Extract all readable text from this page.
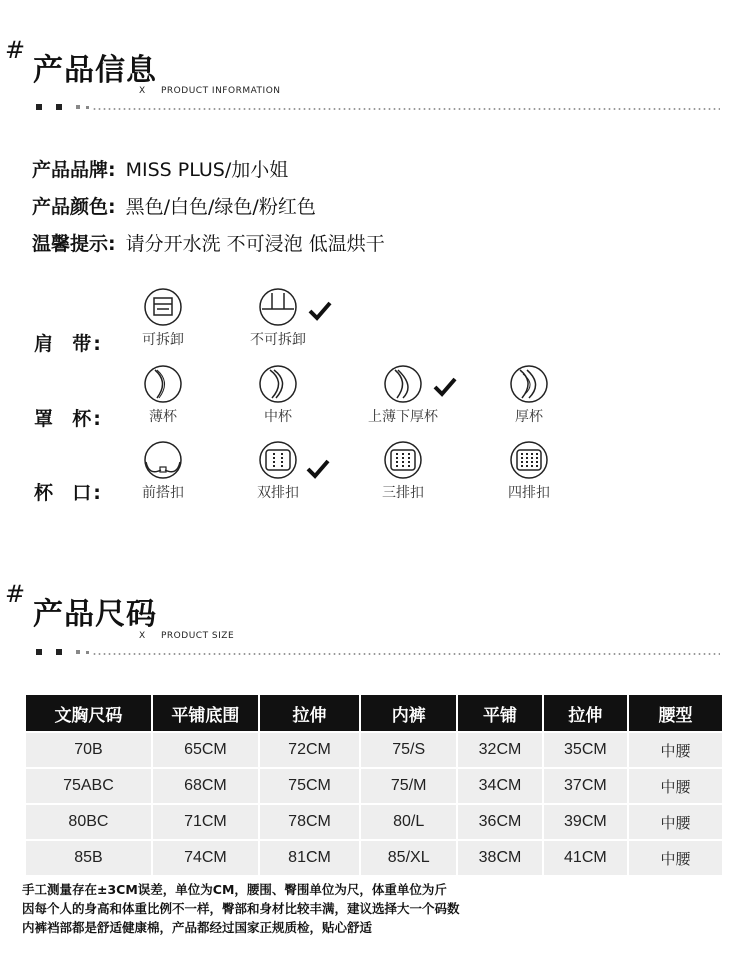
#
产品信息
X PRODUCT INFORMATION
产品品牌: MISS PLUS/加小姐
产品颜色: 黑色/白色/绿色/粉红色
温馨提示: 请分开水洗 不可浸泡 低温烘干
肩  带:	可拆卸	不可拆卸
罩  杯:	薄杯	中杯	上薄下厚杯	厚杯
杯  口:	前搭扣	双排扣	三排扣	四排扣
#
产品尺码
X PRODUCT SIZE
文胸尺码	平铺底围	拉伸	内裤	平铺	拉伸	腰型
70B	65CM	72CM	75/S	32CM	35CM	中腰
75ABC	68CM	75CM	75/M	34CM	37CM	中腰
80BC	71CM	78CM	80/L	36CM	39CM	中腰
85B	74CM	81CM	85/XL	38CM	41CM	中腰
手工测量存在±3CM误差，单位为CM，腰围、臀围单位为尺，体重单位为斤
因每个人的身高和体重比例不一样，臀部和身材比较丰满，建议选择大一个码数
内裤裆部都是舒适健康棉，产品都经过国家正规质检，贴心舒适
